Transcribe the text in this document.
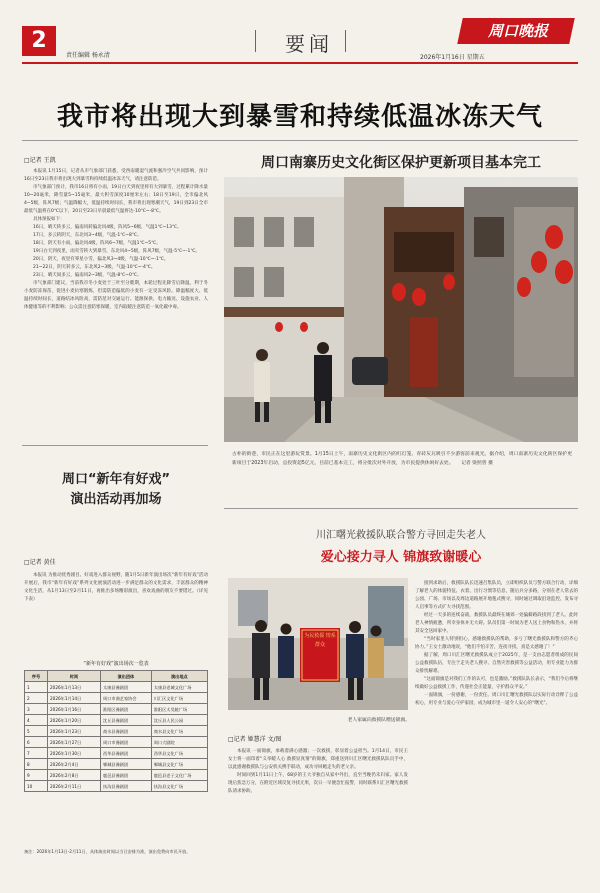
2
责任编辑 杨永清	要闻
周口晚报
2026年1月16日 星期五
我市将出现大到暴雪和持续低温冰冻天气
□记者 王凯

本报讯 1月15日，记者从市气象部门获悉，受西南暖湿气流和强冷空气共同影响，预计16日至23日我市将出现大到暴雪和持续低温冰冻天气，请注意防范。

市气象部门预计，我市16日将有小雨，19日白天到夜里将有大到暴雪，过程累计降水量10~20毫米，降雪量5~15毫米，最大积雪深度10厘米左右；18日至19日，全市偏北风4~5级，阵风7级；气温降幅大，低温持续时间长，我市将出现寒潮天气，19日到23日全市最低气温将在0℃以下，20日至23日早晨最低气温将达-10℃~-8℃。

具体预报如下：

16日，晴天转多云，偏南风转偏北风4级，阵风5~6级，气温1℃~13℃。

17日，多云转阴天，东北风3~4级，气温-1℃~8℃。

18日，阴天有小雨，偏北风4级，阵风6~7级，气温1℃~5℃。

19日白天到夜里，雨夹雪转大到暴雪，东北风4~5级，阵风7级，气温-5℃~-1℃。

20日，阴天，夜里有零星小雪，偏北风3~4级，气温-10℃~-1℃。

21~22日，阴天转多云，东北风2~3级，气温-10℃~-4℃。

23日，晴天间多云，偏南风2~3级，气温-8℃~0℃。

市气象部门建议，当前我市冬小麦处于三叶至分蘖期，本轮过程先降雪后降温，利于冬小麦防冻保苗，促进小麦抗寒锻炼，但需防范偏低的小麦有一定受冻风险。降温幅度大、低温持续时间长，道路结冰风险高，需防范对交通运行、能源保供、电力输送、设施农业、人体健康等的不利影响；公众需注意防寒保暖，室内取暖注意防范一氧化碳中毒。

周口“新年有好戏”
演出活动再加场
□记者 黄佳

本报讯 为推动优秀剧目、好戏进入群众视野，随1月5日新年演出场次“新年有好戏”活动开展后，我市“新年有好戏”系列文化展演活动进一步满足群众的文化需求，丰富群众的精神文化生活，从1月13日至2月11日，再推出多场精彩演出，喜欢戏曲的朋友不要错过。（详见下表）

“新年有好戏”演出场次一览表
序号	时间	演出团体	演出地点
1	2026年1月13日	太康县豫剧团	太康县老城文化广场
2	2026年1月14日	周口市曲艺家协会	川汇区文化广场
3	2026年1月16日	淮阳区豫剧团	淮阳区太昊陵广场
4	2026年1月20日	沈丘县豫剧团	沈丘县人民公园
5	2026年1月23日	商水县豫剧团	商水县文化广场
6	2026年1月27日	周口市豫剧团	周口大剧院
7	2026年1月30日	西华县豫剧团	西华县文化广场
8	2026年2月4日	郸城县豫剧团	郸城县文化广场
9	2026年2月8日	鹿邑县豫剧团	鹿邑县老子文化广场
10	2026年2月11日	扶沟县豫剧团	扶沟县文化广场
备注：2026年1月13日-2月11日，具体演出时间以当日安排为准，演出免费向市民开放。
周口南寨历史文化街区保护更新项目基本完工
古朴的街巷，市民正在这里游玩赏景。1月15日上午，南寨历史文化街区内的红灯笼、青砖灰瓦吸引不少游客前来观光。据介绍，周口南寨历史文化街区保护更新项目于2023年启动，总投资超5亿元，目前已基本完工，将分批次对外开放，为市民提供休闲好去处。 记者 梁照曾 摄
川汇曙光救援队联合警方寻回走失老人
爱心接力寻人 锦旗致谢暖心
为民救援 情系群众
老人家属向救援队赠送锦旗。
□记者 姬慧洋 文/图

本报讯 一面锦旗，承载着满心感激；一次救援，彰显着公益担当。1月14日，市民王女士将一面印着“义举暖人心 救援显真情”的锦旗，郑重送到川汇区曙光救援队队员手中，以此感谢救援队与公安机关携手联动，成功寻回她走失的老父亲。

时间回到1月11日上午，68岁的王大爷独自从家中外出，直至当晚仍未归家。家人发现后焦急万分，在附近区域反复寻找无果，次日一早便急忙报警，同时联系川汇区曙光救援队请求协助。

接到求助后，救援队队长迅速召集队员，立即组织队员与警方联合行动，详细了解老人的体貌特征、衣着、出行习惯等信息，随后兵分多路，分别在老人常去的公园、广场、市场以及周边道路展开地毯式搜寻，同时通过调取沿途监控、发布寻人启事等方式扩大寻找范围。

经过一天多的连续奋战，救援队员最终在城郊一处偏僻路段找到了老人。此时老人神情疲惫，所幸身体并无大碍。队员们第一时间为老人送上食物和热水，并将其安全送回家中。

“当时家里人特别担心，感谢救援队的帮助，多亏了曙光救援队和警方的齐心协力。”王女士激动地说，“他们不怕辛苦，连夜寻找，真是太感谢了！”

据了解，周口川汇区曙光救援队成立于2025年，是一支由志愿者组成的民间公益救援队伍，专注于走失老人搜寻、自然灾害救援等公益活动，用专业能力为群众排忧解难。

“这面锦旗是对我们工作的认可，也是激励。”救援队队长表示，“我们今后将继续做好公益救援工作，传递社会正能量，守护群众平安。”

一面锦旗，一份感谢，一份责任。周口川汇曙光救援队以实际行动诠释了公益初心，用专业与爱心守护家园，成为城市里一道令人安心的“曙光”。
